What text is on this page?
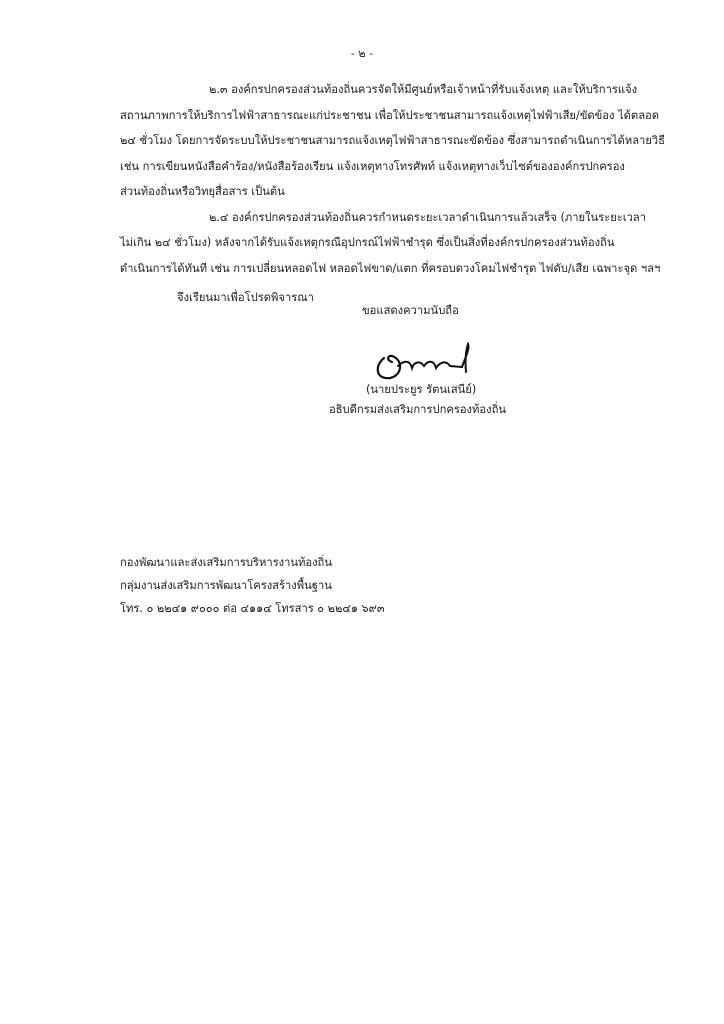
- ๒ -
๒.๓ องค์กรปกครองส่วนท้องถิ่นควรจัดให้มีศูนย์หรือเจ้าหน้าที่รับแจ้งเหตุ และให้บริการแจ้ง
สถานภาพการให้บริการไฟฟ้าสาธารณะแก่ประชาชน เพื่อให้ประชาชนสามารถแจ้งเหตุไฟฟ้าเสีย/ขัดข้อง ได้ตลอด
๒๔ ชั่วโมง โดยการจัดระบบให้ประชาชนสามารถแจ้งเหตุไฟฟ้าสาธารณะขัดข้อง ซึ่งสามารถดำเนินการได้หลายวิธี
เช่น การเขียนหนังสือคำร้อง/หนังสือร้องเรียน แจ้งเหตุทางโทรศัพท์ แจ้งเหตุทางเว็บไซต์ขององค์กรปกครอง
ส่วนท้องถิ่นหรือวิทยุสื่อสาร เป็นต้น
๒.๔ องค์กรปกครองส่วนท้องถิ่นควรกำหนดระยะเวลาดำเนินการแล้วเสร็จ (ภายในระยะเวลา
ไม่เกิน ๒๔ ชั่วโมง) หลังจากได้รับแจ้งเหตุกรณีอุปกรณ์ไฟฟ้าชำรุด ซึ่งเป็นสิ่งที่องค์กรปกครองส่วนท้องถิ่น
ดำเนินการได้ทันที เช่น การเปลี่ยนหลอดไฟ หลอดไฟขาด/แตก ที่ครอบดวงโคมไฟชำรุด ไฟดับ/เสีย เฉพาะจุด ฯลฯ
จึงเรียนมาเพื่อโปรดพิจารณา
ขอแสดงความนับถือ
(นายประยูร รัตนเสนีย์)
อธิบดีกรมส่งเสริมการปกครองท้องถิ่น
กองพัฒนาและส่งเสริมการบริหารงานท้องถิ่น
กลุ่มงานส่งเสริมการพัฒนาโครงสร้างพื้นฐาน
โทร. ๐ ๒๒๔๑ ๙๐๐๐ ต่อ ๔๑๑๔ โทรสาร ๐ ๒๒๔๑ ๖๙๓
